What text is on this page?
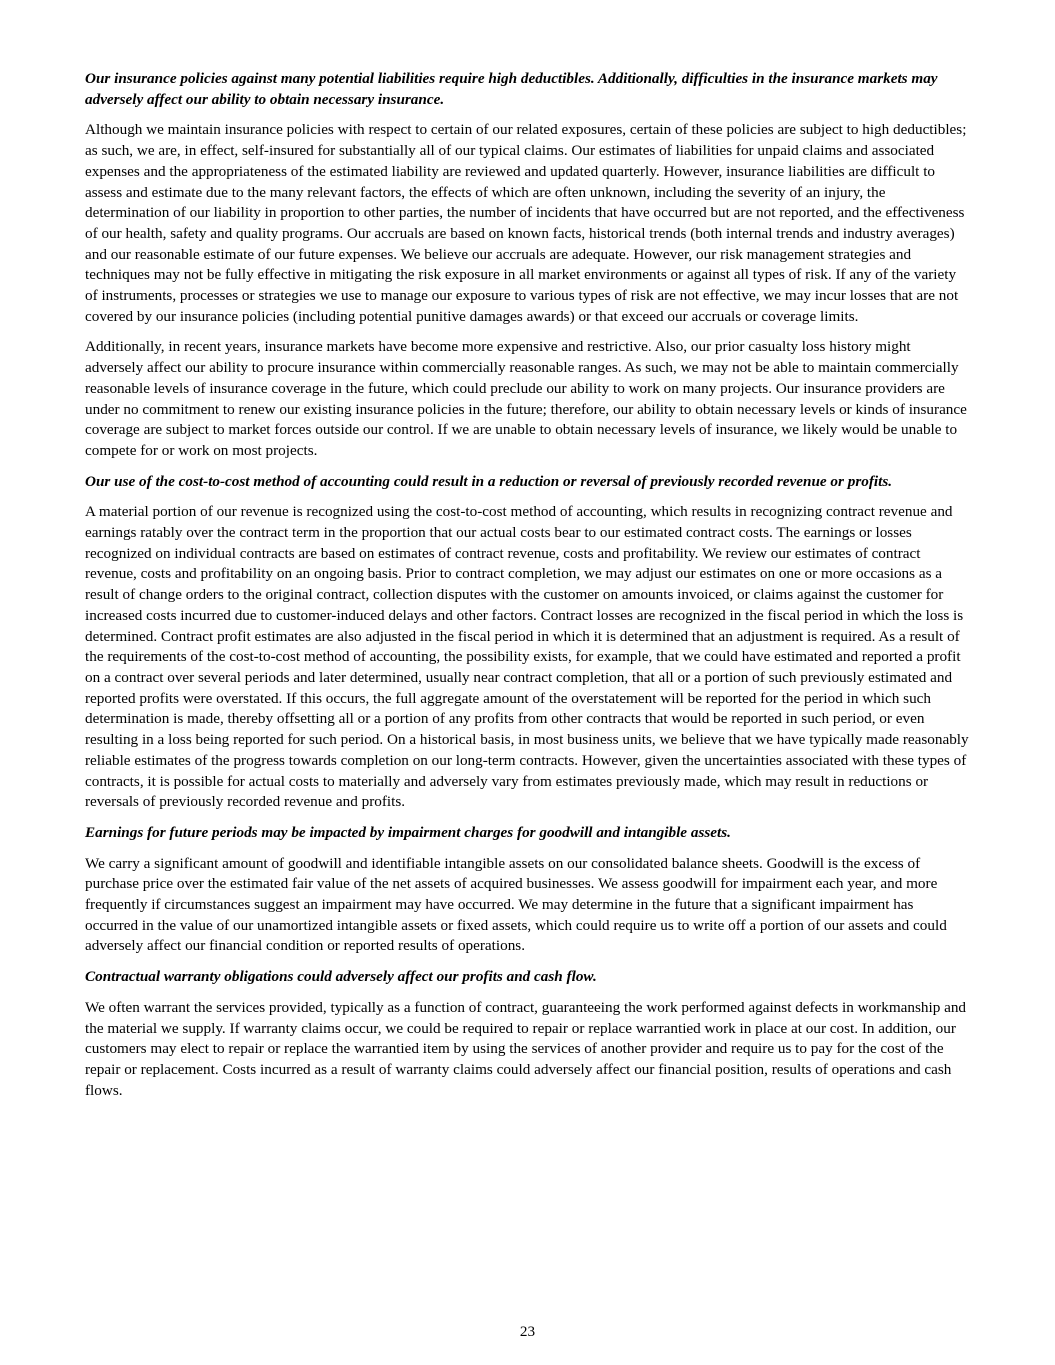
Our insurance policies against many potential liabilities require high deductibles. Additionally, difficulties in the insurance markets may adversely affect our ability to obtain necessary insurance.

Although we maintain insurance policies with respect to certain of our related exposures, certain of these policies are subject to high deductibles; as such, we are, in effect, self-insured for substantially all of our typical claims. Our estimates of liabilities for unpaid claims and associated expenses and the appropriateness of the estimated liability are reviewed and updated quarterly. However, insurance liabilities are difficult to assess and estimate due to the many relevant factors, the effects of which are often unknown, including the severity of an injury, the determination of our liability in proportion to other parties, the number of incidents that have occurred but are not reported, and the effectiveness of our health, safety and quality programs. Our accruals are based on known facts, historical trends (both internal trends and industry averages) and our reasonable estimate of our future expenses. We believe our accruals are adequate. However, our risk management strategies and techniques may not be fully effective in mitigating the risk exposure in all market environments or against all types of risk. If any of the variety of instruments, processes or strategies we use to manage our exposure to various types of risk are not effective, we may incur losses that are not covered by our insurance policies (including potential punitive damages awards) or that exceed our accruals or coverage limits.

Additionally, in recent years, insurance markets have become more expensive and restrictive. Also, our prior casualty loss history might adversely affect our ability to procure insurance within commercially reasonable ranges. As such, we may not be able to maintain commercially reasonable levels of insurance coverage in the future, which could preclude our ability to work on many projects. Our insurance providers are under no commitment to renew our existing insurance policies in the future; therefore, our ability to obtain necessary levels or kinds of insurance coverage are subject to market forces outside our control. If we are unable to obtain necessary levels of insurance, we likely would be unable to compete for or work on most projects.

Our use of the cost-to-cost method of accounting could result in a reduction or reversal of previously recorded revenue or profits.

A material portion of our revenue is recognized using the cost-to-cost method of accounting, which results in recognizing contract revenue and earnings ratably over the contract term in the proportion that our actual costs bear to our estimated contract costs. The earnings or losses recognized on individual contracts are based on estimates of contract revenue, costs and profitability. We review our estimates of contract revenue, costs and profitability on an ongoing basis. Prior to contract completion, we may adjust our estimates on one or more occasions as a result of change orders to the original contract, collection disputes with the customer on amounts invoiced, or claims against the customer for increased costs incurred due to customer-induced delays and other factors. Contract losses are recognized in the fiscal period in which the loss is determined. Contract profit estimates are also adjusted in the fiscal period in which it is determined that an adjustment is required. As a result of the requirements of the cost-to-cost method of accounting, the possibility exists, for example, that we could have estimated and reported a profit on a contract over several periods and later determined, usually near contract completion, that all or a portion of such previously estimated and reported profits were overstated. If this occurs, the full aggregate amount of the overstatement will be reported for the period in which such determination is made, thereby offsetting all or a portion of any profits from other contracts that would be reported in such period, or even resulting in a loss being reported for such period. On a historical basis, in most business units, we believe that we have typically made reasonably reliable estimates of the progress towards completion on our long-term contracts. However, given the uncertainties associated with these types of contracts, it is possible for actual costs to materially and adversely vary from estimates previously made, which may result in reductions or reversals of previously recorded revenue and profits.

Earnings for future periods may be impacted by impairment charges for goodwill and intangible assets.

We carry a significant amount of goodwill and identifiable intangible assets on our consolidated balance sheets. Goodwill is the excess of purchase price over the estimated fair value of the net assets of acquired businesses. We assess goodwill for impairment each year, and more frequently if circumstances suggest an impairment may have occurred. We may determine in the future that a significant impairment has occurred in the value of our unamortized intangible assets or fixed assets, which could require us to write off a portion of our assets and could adversely affect our financial condition or reported results of operations.

Contractual warranty obligations could adversely affect our profits and cash flow.

We often warrant the services provided, typically as a function of contract, guaranteeing the work performed against defects in workmanship and the material we supply. If warranty claims occur, we could be required to repair or replace warrantied work in place at our cost. In addition, our customers may elect to repair or replace the warrantied item by using the services of another provider and require us to pay for the cost of the repair or replacement. Costs incurred as a result of warranty claims could adversely affect our financial position, results of operations and cash flows.

23
